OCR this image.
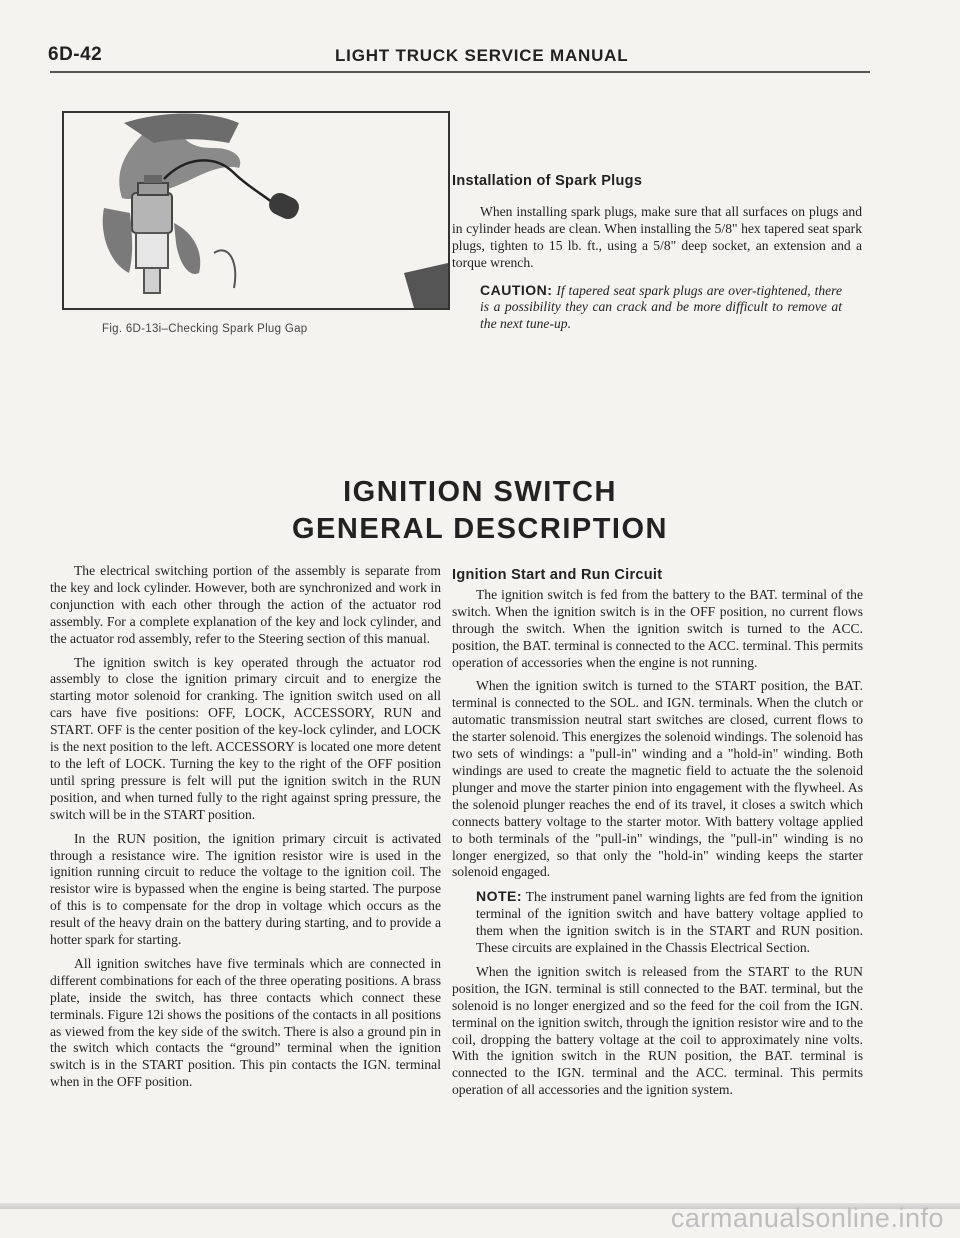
6D-42	LIGHT TRUCK SERVICE MANUAL
Fig. 6D-13i–Checking Spark Plug Gap
Installation of Spark Plugs

When installing spark plugs, make sure that all surfaces on plugs and in cylinder heads are clean. When installing the 5/8" hex tapered seat spark plugs, tighten to 15 lb. ft., using a 5/8" deep socket, an extension and a torque wrench.

CAUTION: If tapered seat spark plugs are over-tightened, there is a possibility they can crack and be more difficult to remove at the next tune-up.
IGNITION SWITCH
GENERAL DESCRIPTION

The electrical switching portion of the assembly is separate from the key and lock cylinder. However, both are synchronized and work in conjunction with each other through the action of the actuator rod assembly. For a complete explanation of the key and lock cylinder, and the actuator rod assembly, refer to the Steering section of this manual.

The ignition switch is key operated through the actuator rod assembly to close the ignition primary circuit and to energize the starting motor solenoid for cranking. The ignition switch used on all cars have five positions: OFF, LOCK, ACCESSORY, RUN and START. OFF is the center position of the key-lock cylinder, and LOCK is the next position to the left. ACCESSORY is located one more detent to the left of LOCK. Turning the key to the right of the OFF position until spring pressure is felt will put the ignition switch in the RUN position, and when turned fully to the right against spring pressure, the switch will be in the START position.

In the RUN position, the ignition primary circuit is activated through a resistance wire. The ignition resistor wire is used in the ignition running circuit to reduce the voltage to the ignition coil. The resistor wire is bypassed when the engine is being started. The purpose of this is to compensate for the drop in voltage which occurs as the result of the heavy drain on the battery during starting, and to provide a hotter spark for starting.

All ignition switches have five terminals which are connected in different combinations for each of the three operating positions. A brass plate, inside the switch, has three contacts which connect these terminals. Figure 12i shows the positions of the contacts in all positions as viewed from the key side of the switch. There is also a ground pin in the switch which contacts the “ground” terminal when the ignition switch is in the START position. This pin contacts the IGN. terminal when in the OFF position.

Ignition Start and Run Circuit

The ignition switch is fed from the battery to the BAT. terminal of the switch. When the ignition switch is in the OFF position, no current flows through the switch. When the ignition switch is turned to the ACC. position, the BAT. terminal is connected to the ACC. terminal. This permits operation of accessories when the engine is not running.

When the ignition switch is turned to the START position, the BAT. terminal is connected to the SOL. and IGN. terminals. When the clutch or automatic transmission neutral start switches are closed, current flows to the starter solenoid. This energizes the solenoid windings. The solenoid has two sets of windings: a "pull-in" winding and a "hold-in" winding. Both windings are used to create the magnetic field to actuate the the solenoid plunger and move the starter pinion into engagement with the flywheel. As the solenoid plunger reaches the end of its travel, it closes a switch which connects battery voltage to the starter motor. With battery voltage applied to both terminals of the "pull-in" windings, the "pull-in" winding is no longer energized, so that only the "hold-in" winding keeps the starter solenoid engaged.

NOTE: The instrument panel warning lights are fed from the ignition terminal of the ignition switch and have battery voltage applied to them when the ignition switch is in the START and RUN position. These circuits are explained in the Chassis Electrical Section.

When the ignition switch is released from the START to the RUN position, the IGN. terminal is still connected to the BAT. terminal, but the solenoid is no longer energized and so the feed for the coil from the IGN. terminal on the ignition switch, through the ignition resistor wire and to the coil, dropping the battery voltage at the coil to approximately nine volts. With the ignition switch in the RUN position, the BAT. terminal is connected to the IGN. terminal and the ACC. terminal. This permits operation of all accessories and the ignition system.

carmanualsonline.info
